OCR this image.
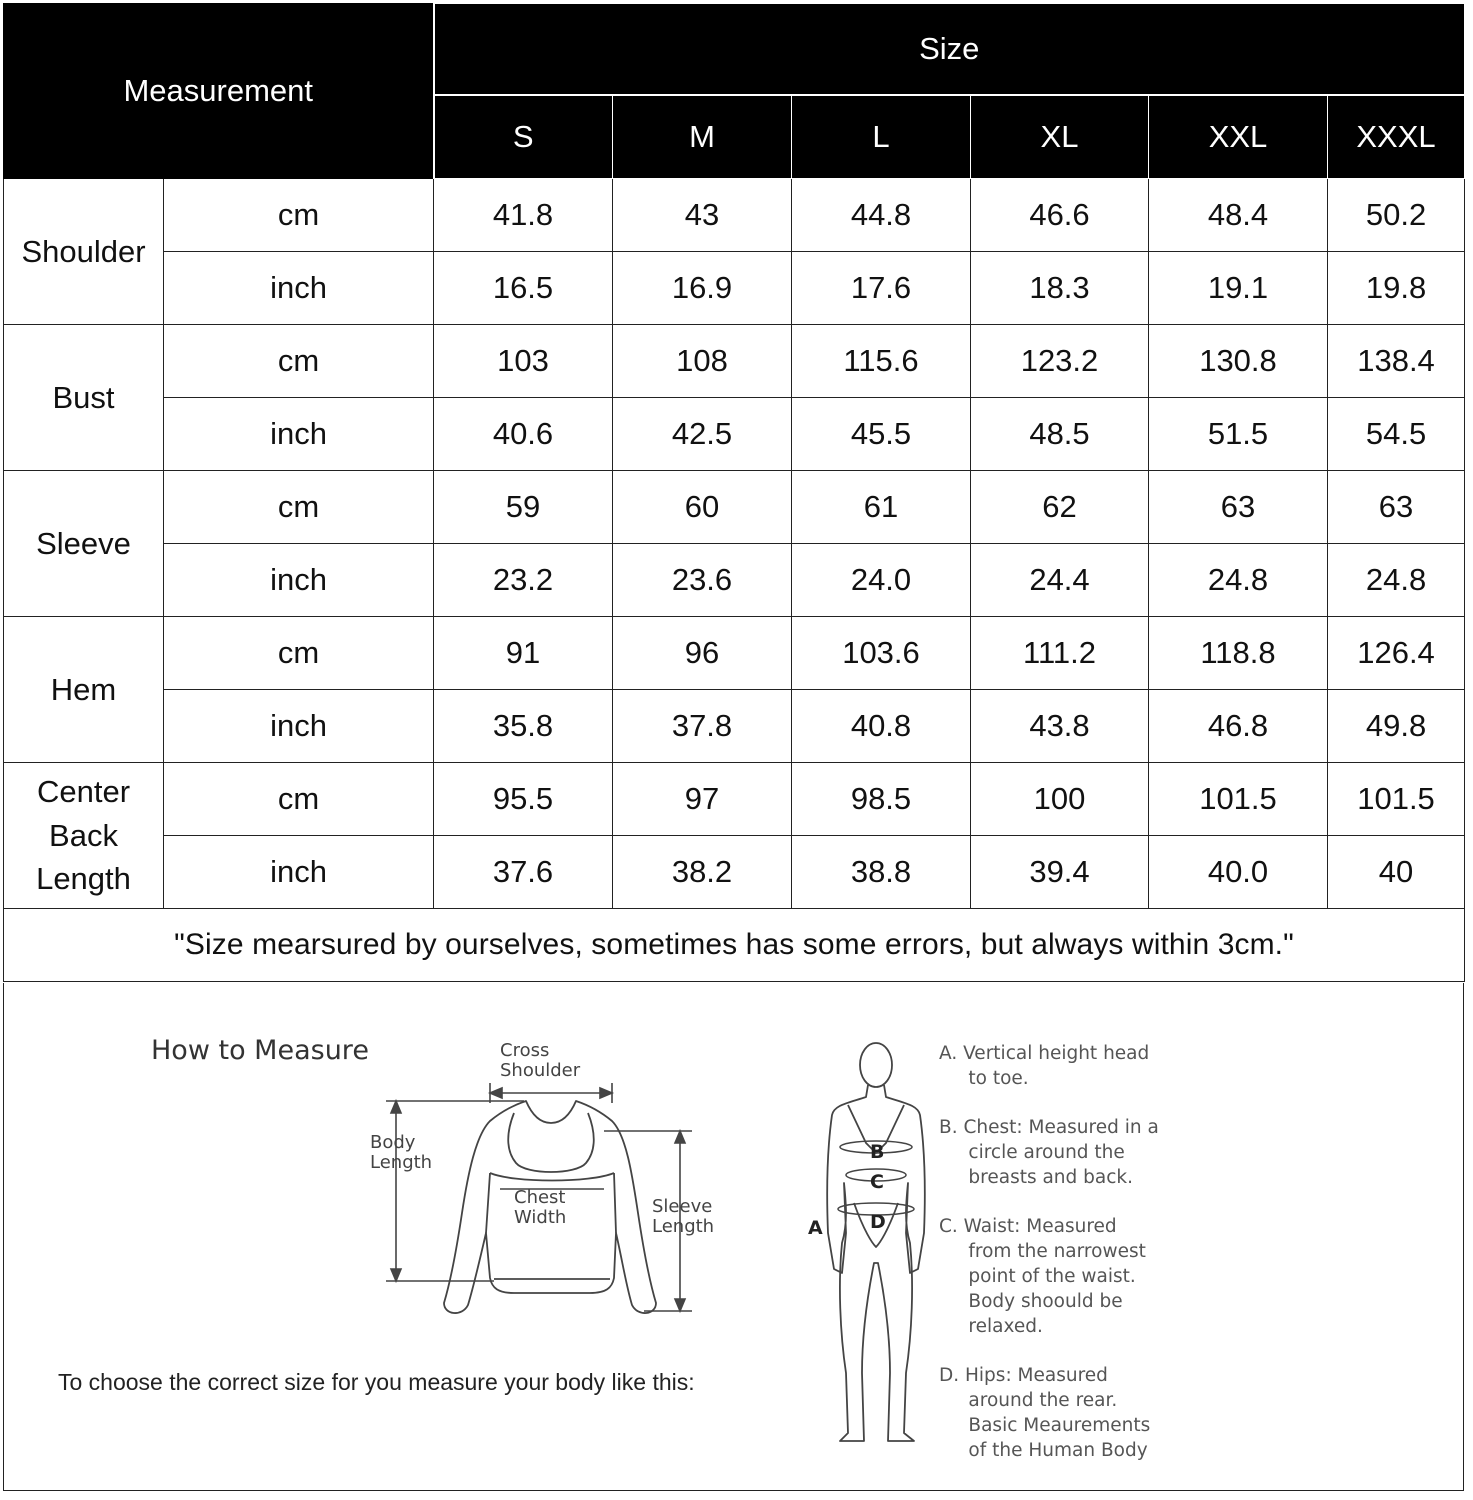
Measurement		Size					
		S	M	L	XL	XXL	XXXL
Shoulder	cm	41.8	43	44.8	46.6	48.4	50.2
	inch	16.5	16.9	17.6	18.3	19.1	19.8
Bust	cm	103	108	115.6	123.2	130.8	138.4
	inch	40.6	42.5	45.5	48.5	51.5	54.5
Sleeve	cm	59	60	61	62	63	63
	inch	23.2	23.6	24.0	24.4	24.8	24.8
Hem	cm	91	96	103.6	111.2	118.8	126.4
	inch	35.8	37.8	40.8	43.8	46.8	49.8

Center
Back
Length	cm	95.5	97	98.5	100	101.5	101.5
	inch	37.6	38.2	38.8	39.4	40.0	40
"Size mearsured by ourselves, sometimes has some errors, but always within 3cm."							
How to Measure	Cross
Shoulder
Body
Length
Chest
Width
Sleeve
Length	A
B
C
D
A. Vertical height head
to toe.
B. Chest: Measured in a
circle around the
breasts and back.
C. Waist: Measured
from the narrowest
point of the waist.
Body shoould be
relaxed.
D. Hips: Measured
around the rear.
Basic Meaurements
of the Human Body
To choose the correct size for you measure your body like this:
